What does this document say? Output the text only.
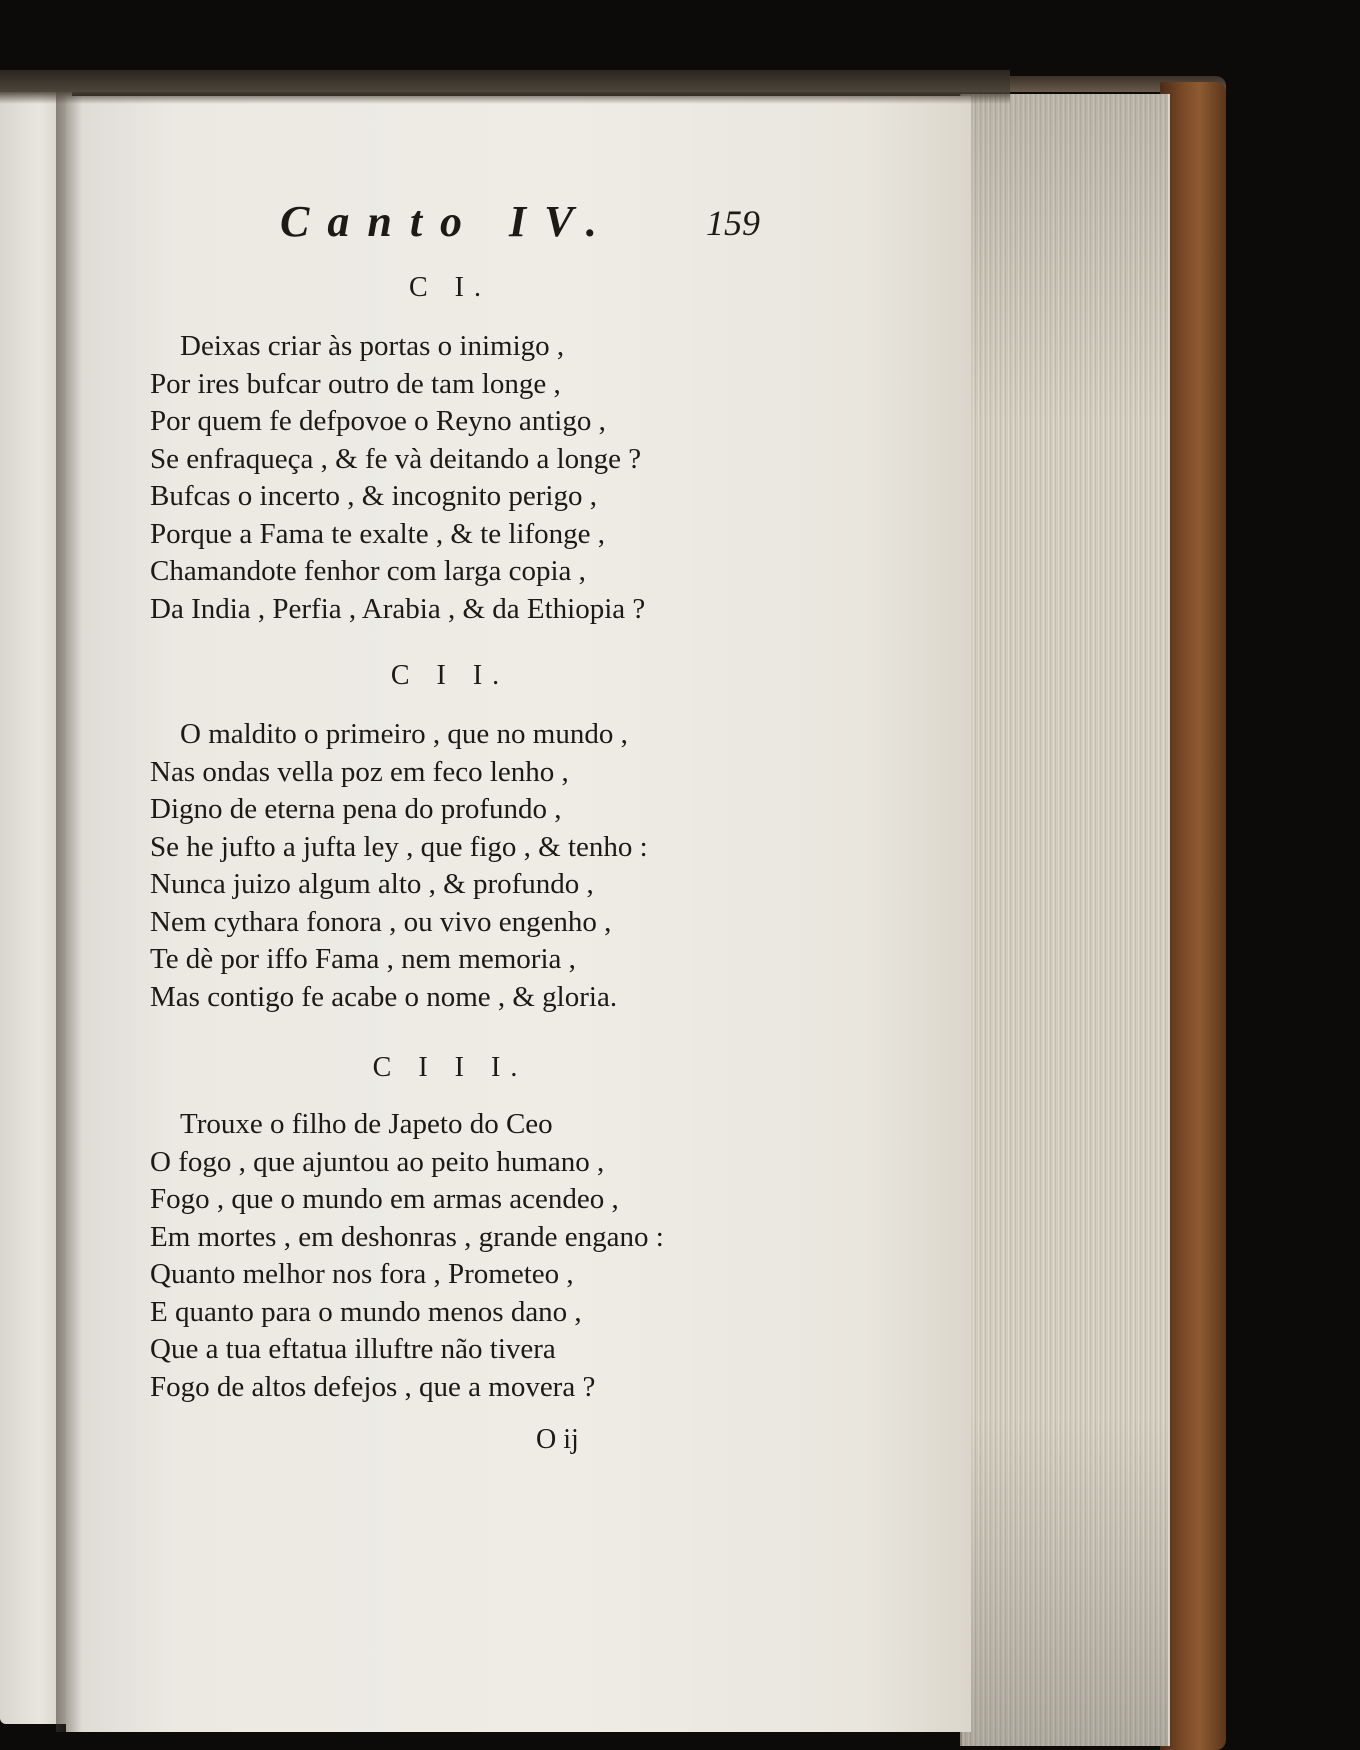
Canto IV.	159
C I.
Deixas criar às portas o inimigo ,
Por ires bufcar outro de tam longe ,
Por quem fe defpovoe o Reyno antigo ,
Se enfraqueça , & fe và deitando a longe ?
Bufcas o incerto , & incognito perigo ,
Porque a Fama te exalte , & te lifonge ,
Chamandote fenhor com larga copia ,
Da India , Perfia , Arabia , & da Ethiopia ?
C I I.
O maldito o primeiro , que no mundo ,
Nas ondas vella poz em feco lenho ,
Digno de eterna pena do profundo ,
Se he jufto a jufta ley , que figo , & tenho :
Nunca juizo algum alto , & profundo ,
Nem cythara fonora , ou vivo engenho ,
Te dè por iffo Fama , nem memoria ,
Mas contigo fe acabe o nome , & gloria.
C I I I.
Trouxe o filho de Japeto do Ceo
O fogo , que ajuntou ao peito humano ,
Fogo , que o mundo em armas acendeo ,
Em mortes , em deshonras , grande engano :
Quanto melhor nos fora , Prometeo ,
E quanto para o mundo menos dano ,
Que a tua eftatua illuftre não tivera
Fogo de altos defejos , que a movera ?
O ij
